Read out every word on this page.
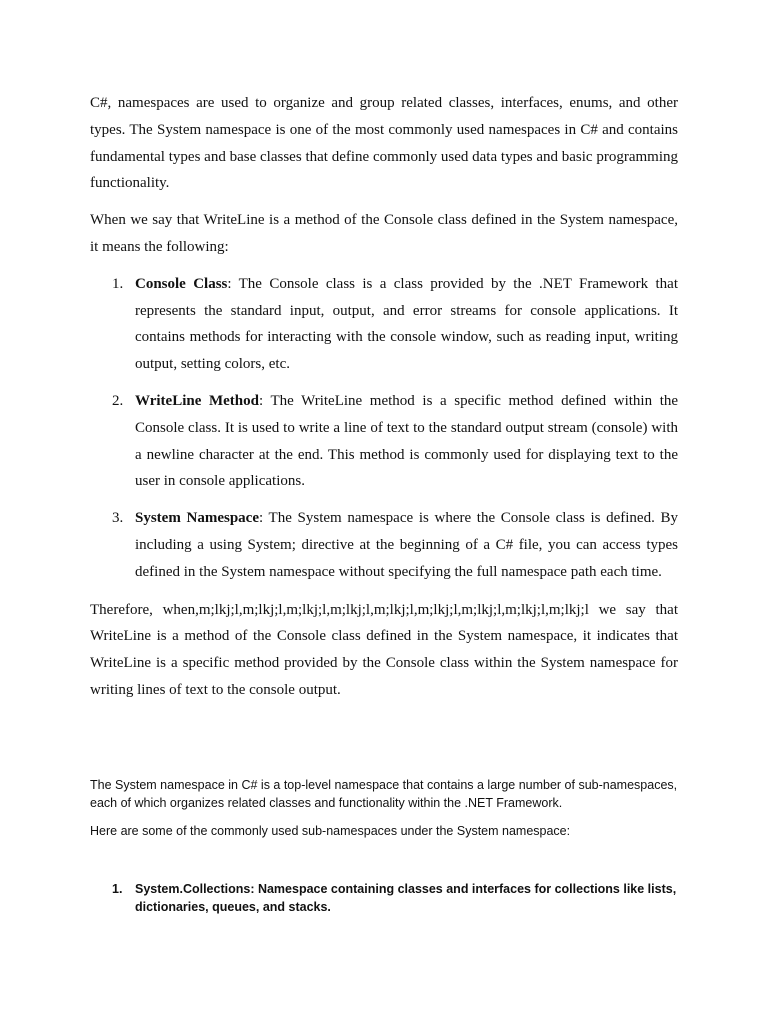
C#, namespaces are used to organize and group related classes, interfaces, enums, and other types. The System namespace is one of the most commonly used namespaces in C# and contains fundamental types and base classes that define commonly used data types and basic programming functionality.

When we say that WriteLine is a method of the Console class defined in the System namespace, it means the following:

1. Console Class: The Console class is a class provided by the .NET Framework that represents the standard input, output, and error streams for console applications. It contains methods for interacting with the console window, such as reading input, writing output, setting colors, etc.
2. WriteLine Method: The WriteLine method is a specific method defined within the Console class. It is used to write a line of text to the standard output stream (console) with a newline character at the end. This method is commonly used for displaying text to the user in console applications.
3. System Namespace: The System namespace is where the Console class is defined. By including a using System; directive at the beginning of a C# file, you can access types defined in the System namespace without specifying the full namespace path each time.

Therefore, when,m;lkj;l,m;lkj;l,m;lkj;l,m;lkj;l,m;lkj;l,m;lkj;l,m;lkj;l,m;lkj;l,m;lkj;l we say that WriteLine is a method of the Console class defined in the System namespace, it indicates that WriteLine is a specific method provided by the Console class within the System namespace for writing lines of text to the console output.

The System namespace in C# is a top-level namespace that contains a large number of sub-namespaces, each of which organizes related classes and functionality within the .NET Framework.

Here are some of the commonly used sub-namespaces under the System namespace:

1. System.Collections: Namespace containing classes and interfaces for collections like lists, dictionaries, queues, and stacks.
